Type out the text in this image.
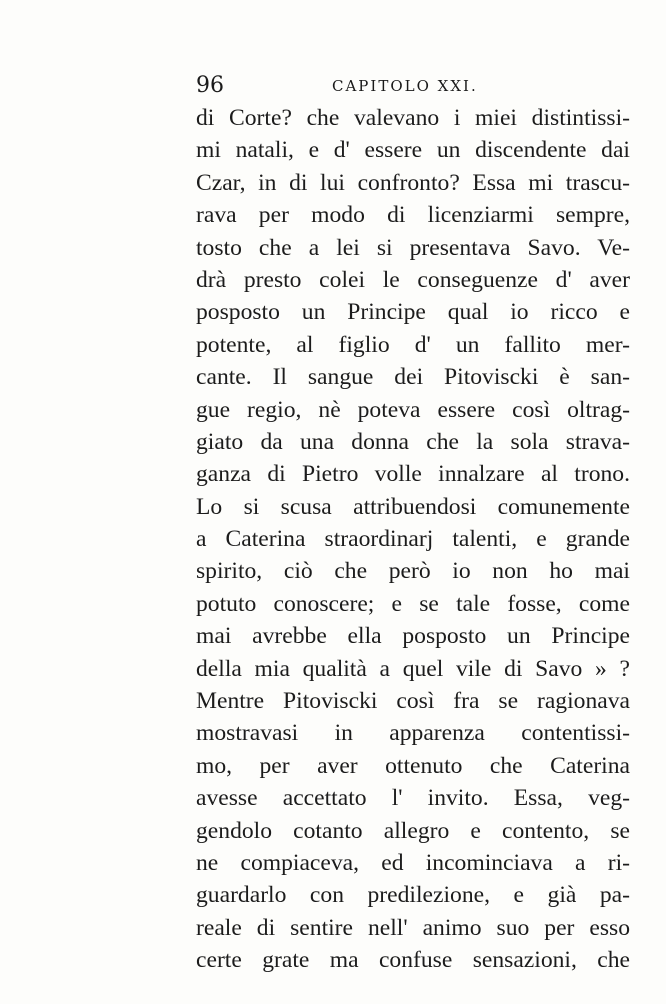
96	CAPITOLO XXI.
di Corte? che valevano i miei distintissi-
mi natali, e d' essere un discendente dai
Czar, in di lui confronto? Essa mi trascu-
rava per modo di licenziarmi sempre,
tosto che a lei si presentava Savo. Ve-
drà presto colei le conseguenze d' aver
posposto un Principe qual io ricco e
potente, al figlio d' un fallito mer-
cante. Il sangue dei Pitoviscki è san-
gue regio, nè poteva essere così oltrag-
giato da una donna che la sola strava-
ganza di Pietro volle innalzare al trono.
Lo si scusa attribuendosi comunemente
a Caterina straordinarj talenti, e grande
spirito, ciò che però io non ho mai
potuto conoscere; e se tale fosse, come
mai avrebbe ella posposto un Principe
della mia qualità a quel vile di Savo » ?
Mentre Pitoviscki così fra se ragionava
mostravasi in apparenza contentissi-
mo, per aver ottenuto che Caterina
avesse accettato l' invito. Essa, veg-
gendolo cotanto allegro e contento, se
ne compiaceva, ed incominciava a ri-
guardarlo con predilezione, e già pa-
reale di sentire nell' animo suo per esso
certe grate ma confuse sensazioni, che
